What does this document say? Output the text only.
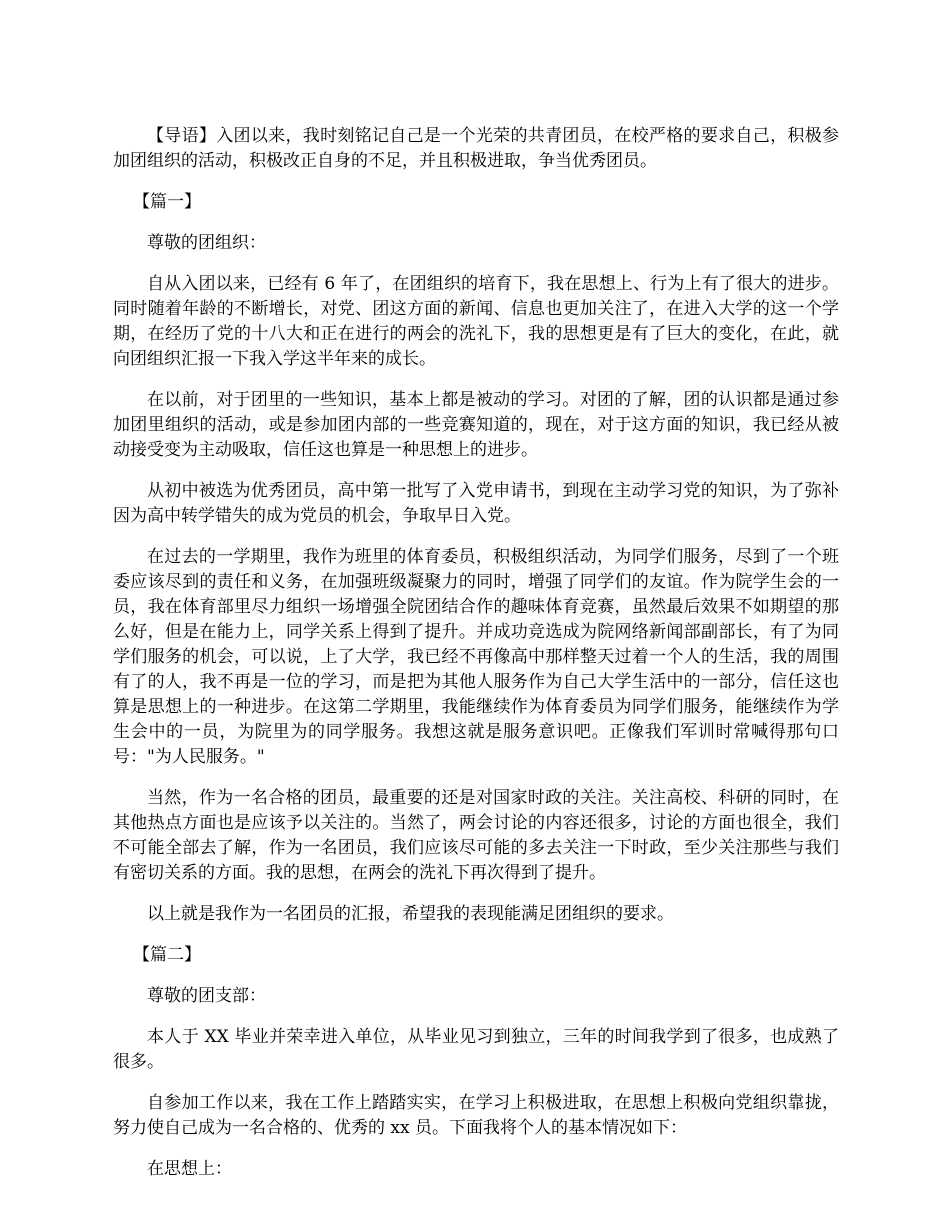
【导语】入团以来，我时刻铭记自己是一个光荣的共青团员，在校严格的要求自己，积极参加团组织的活动，积极改正自身的不足，并且积极进取，争当优秀团员。

【篇一】

尊敬的团组织：

自从入团以来，已经有 6 年了，在团组织的培育下，我在思想上、行为上有了很大的进步。同时随着年龄的不断增长，对党、团这方面的新闻、信息也更加关注了，在进入大学的这一个学期，在经历了党的十八大和正在进行的两会的洗礼下，我的思想更是有了巨大的变化，在此，就向团组织汇报一下我入学这半年来的成长。

在以前，对于团里的一些知识，基本上都是被动的学习。对团的了解，团的认识都是通过参加团里组织的活动，或是参加团内部的一些竞赛知道的，现在，对于这方面的知识，我已经从被动接受变为主动吸取，信任这也算是一种思想上的进步。

从初中被选为优秀团员，高中第一批写了入党申请书，到现在主动学习党的知识，为了弥补因为高中转学错失的成为党员的机会，争取早日入党。

在过去的一学期里，我作为班里的体育委员，积极组织活动，为同学们服务，尽到了一个班委应该尽到的责任和义务，在加强班级凝聚力的同时，增强了同学们的友谊。作为院学生会的一员，我在体育部里尽力组织一场增强全院团结合作的趣味体育竞赛，虽然最后效果不如期望的那么好，但是在能力上，同学关系上得到了提升。并成功竞选成为院网络新闻部副部长，有了为同学们服务的机会，可以说，上了大学，我已经不再像高中那样整天过着一个人的生活，我的周围有了的人，我不再是一位的学习，而是把为其他人服务作为自己大学生活中的一部分，信任这也算是思想上的一种进步。在这第二学期里，我能继续作为体育委员为同学们服务，能继续作为学生会中的一员，为院里为的同学服务。我想这就是服务意识吧。正像我们军训时常喊得那句口号："为人民服务。"

当然，作为一名合格的团员，最重要的还是对国家时政的关注。关注高校、科研的同时，在其他热点方面也是应该予以关注的。当然了，两会讨论的内容还很多，讨论的方面也很全，我们不可能全部去了解，作为一名团员，我们应该尽可能的多去关注一下时政，至少关注那些与我们有密切关系的方面。我的思想，在两会的洗礼下再次得到了提升。

以上就是我作为一名团员的汇报，希望我的表现能满足团组织的要求。

【篇二】

尊敬的团支部：

本人于 XX 毕业并荣幸进入单位，从毕业见习到独立，三年的时间我学到了很多，也成熟了很多。

自参加工作以来，我在工作上踏踏实实，在学习上积极进取，在思想上积极向党组织靠拢，努力使自己成为一名合格的、优秀的 xx 员。下面我将个人的基本情况如下：

在思想上：
